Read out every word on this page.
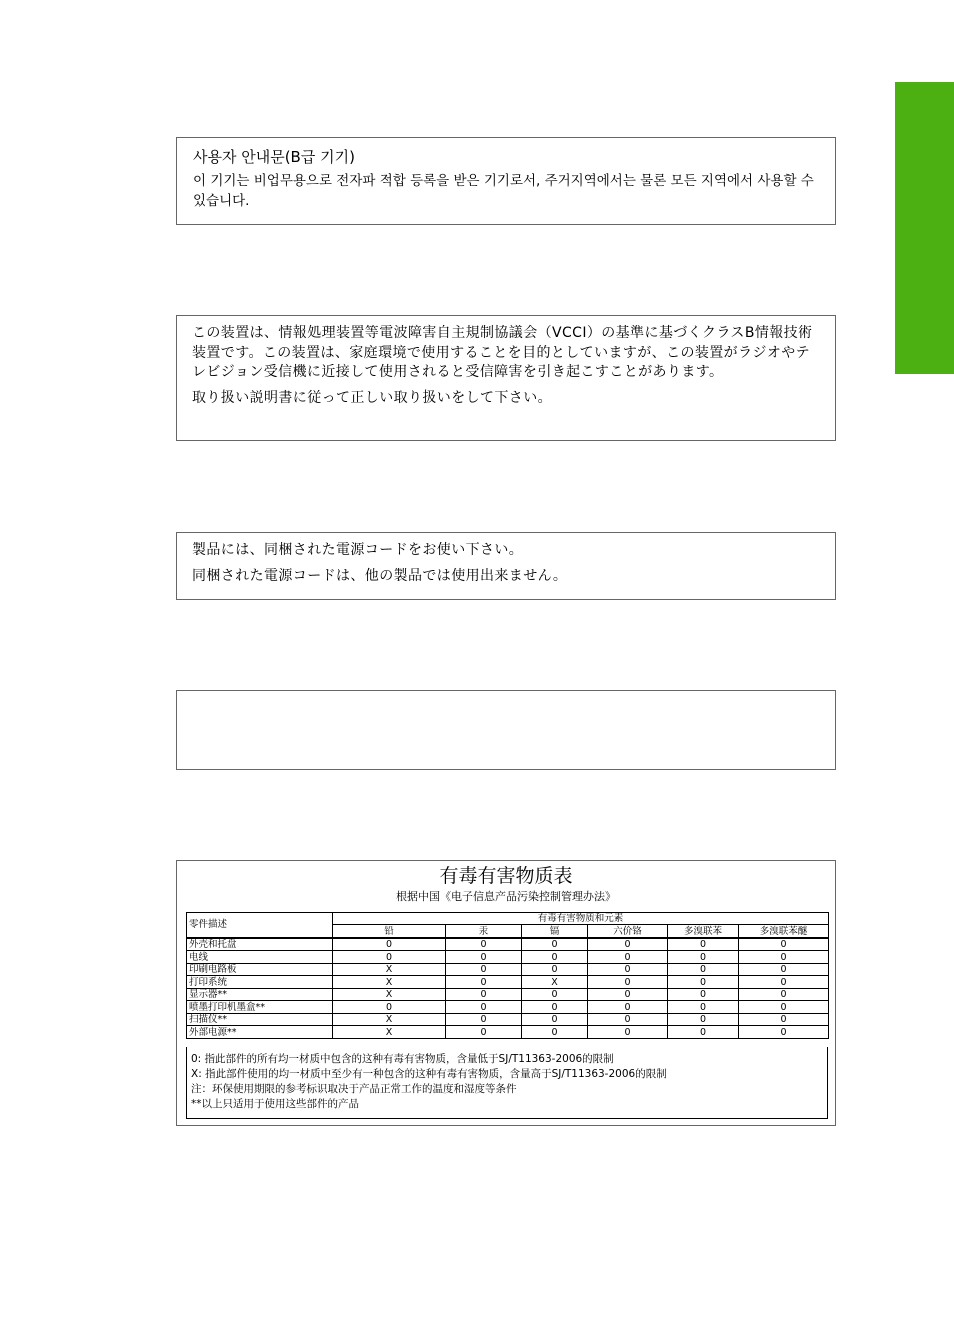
사용자 안내문(B급 기기)

이 기기는 비업무용으로 전자파 적합 등록을 받은 기기로서, 주거지역에서는 물론 모든 지역에서 사용할 수 있습니다.

この装置は、情報処理装置等電波障害自主規制協議会（VCCI）の基準に基づくクラスB情報技術装置です。この装置は、家庭環境で使用することを目的としていますが、この装置がラジオやテレビジョン受信機に近接して使用されると受信障害を引き起こすことがあります。

取り扱い説明書に従って正しい取り扱いをして下さい。

製品には、同梱された電源コードをお使い下さい。

同梱された電源コードは、他の製品では使用出来ません。

有毒有害物质表
根据中国《电子信息产品污染控制管理办法》
零件描述	有毒有害物质和元素					
	铅	汞	镉	六价铬	多溴联苯	多溴联苯醚
外壳和托盘	0	0	0	0	0	0
电线	0	0	0	0	0	0
印刷电路板	X	0	0	0	0	0
打印系统	X	0	X	0	0	0
显示器**	X	0	0	0	0	0
喷墨打印机墨盒**	0	0	0	0	0	0
扫描仪**	X	0	0	0	0	0
外部电源**	X	0	0	0	0	0
0: 指此部件的所有均一材质中包含的这种有毒有害物质，含量低于SJ/T11363-2006的限制
X: 指此部件使用的均一材质中至少有一种包含的这种有毒有害物质，含量高于SJ/T11363-2006的限制
注：环保使用期限的参考标识取决于产品正常工作的温度和湿度等条件
**以上只适用于使用这些部件的产品
